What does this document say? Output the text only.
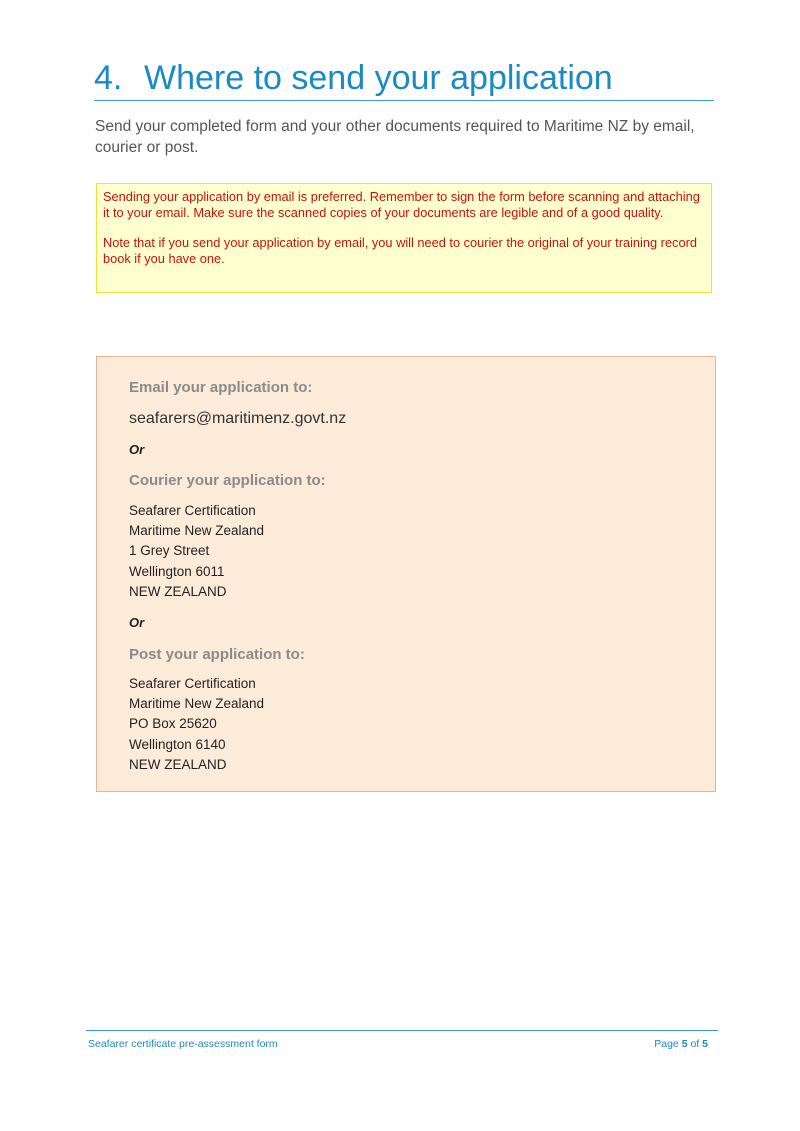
4. Where to send your application
Send your completed form and your other documents required to Maritime NZ by email, courier or post.

Sending your application by email is preferred. Remember to sign the form before scanning and attaching it to your email. Make sure the scanned copies of your documents are legible and of a good quality.

Note that if you send your application by email, you will need to courier the original of your training record book if you have one.

Email your application to:
seafarers@maritimenz.govt.nz
Or
Courier your application to:
Seafarer Certification
Maritime New Zealand
1 Grey Street
Wellington 6011
NEW ZEALAND
Or
Post your application to:
Seafarer Certification
Maritime New Zealand
PO Box 25620
Wellington 6140
NEW ZEALAND
Seafarer certificate pre-assessment form	Page 5 of 5
